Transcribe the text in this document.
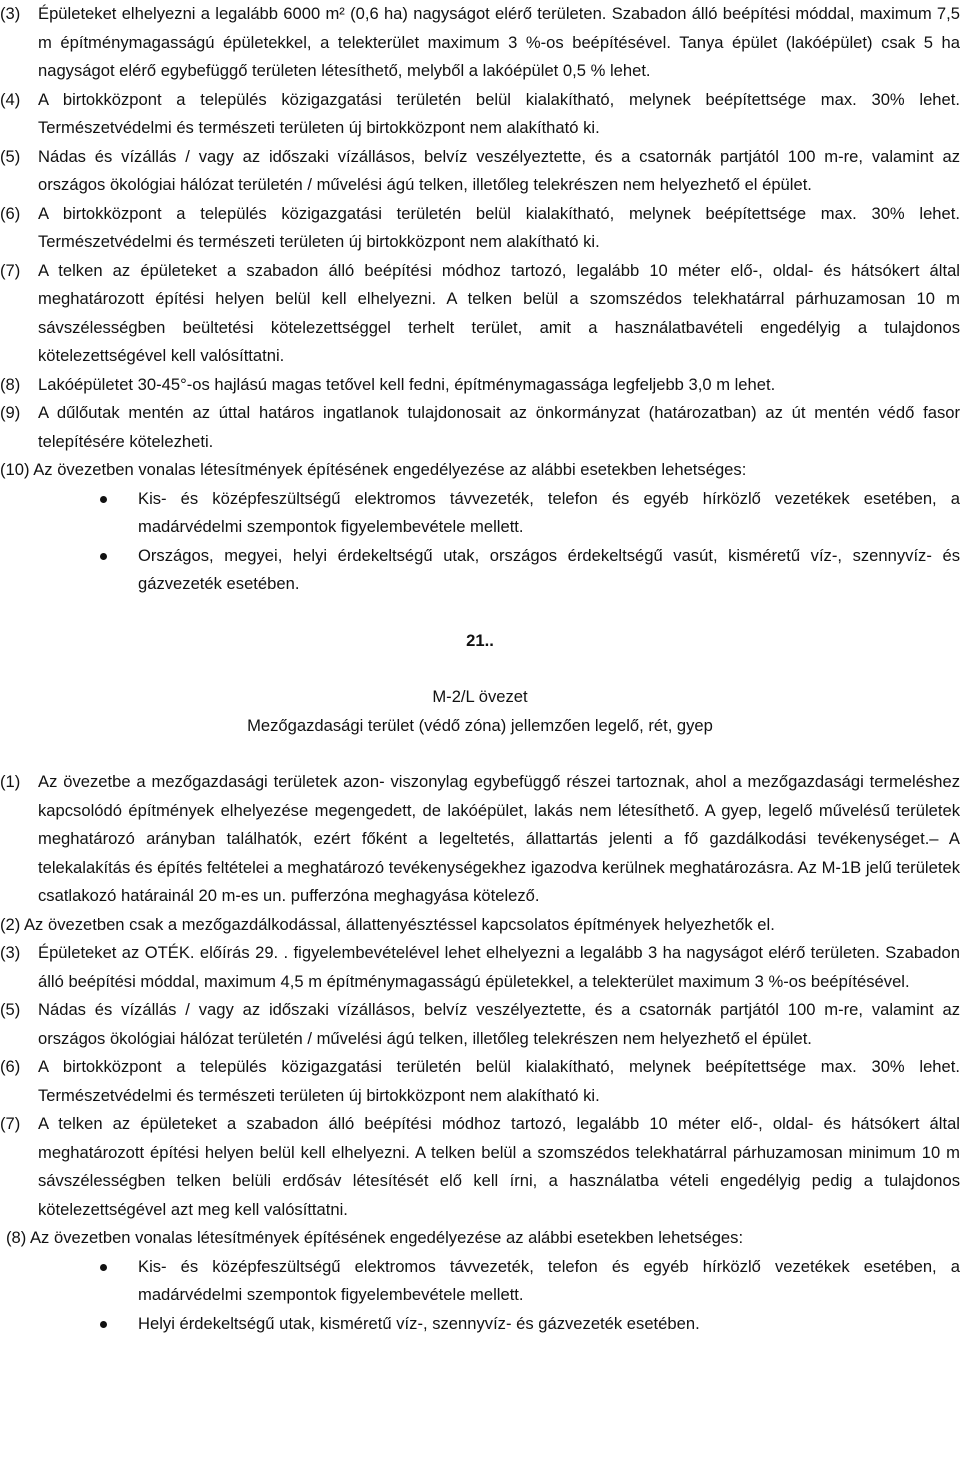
(3) Épületeket elhelyezni a legalább 6000 m² (0,6 ha) nagyságot elérő területen. Szabadon álló beépítési móddal, maximum 7,5 m építménymagasságú épületekkel, a telekterület maximum 3 %-os beépítésével. Tanya épület (lakóépület) csak 5 ha nagyságot elérő egybefüggő területen létesíthető, melyből a lakóépület 0,5 % lehet.

(4) A birtokközpont a település közigazgatási területén belül kialakítható, melynek beépítettsége max. 30% lehet. Természetvédelmi és természeti területen új birtokközpont nem alakítható ki.

(5) Nádas és vízállás / vagy az időszaki vízállásos, belvíz veszélyeztette, és a csatornák partjától 100 m-re, valamint az országos ökológiai hálózat területén / művelési ágú telken, illetőleg telekrészen nem helyezhető el épület.

(6) A birtokközpont a település közigazgatási területén belül kialakítható, melynek beépítettsége max. 30% lehet. Természetvédelmi és természeti területen új birtokközpont nem alakítható ki.

(7) A telken az épületeket a szabadon álló beépítési módhoz tartozó, legalább 10 méter elő-, oldal- és hátsókert által meghatározott építési helyen belül kell elhelyezni. A telken belül a szomszédos telekhatárral párhuzamosan 10 m sávszélességben beültetési kötelezettséggel terhelt terület, amit a használatbavételi engedélyig a tulajdonos kötelezettségével kell valósíttatni.

(8) Lakóépületet 30-45°-os hajlású magas tetővel kell fedni, építménymagassága legfeljebb 3,0 m lehet.

(9) A dűlőutak mentén az úttal határos ingatlanok tulajdonosait az önkormányzat (határozatban) az út mentén védő fasor telepítésére kötelezheti.

(10) Az övezetben vonalas létesítmények építésének engedélyezése az alábbi esetekben lehetséges:

Kis- és középfeszültségű elektromos távvezeték, telefon és egyéb hírközlő vezetékek esetében, a madárvédelmi szempontok figyelembevétele mellett.
Országos, megyei, helyi érdekeltségű utak, országos érdekeltségű vasút, kisméretű víz-, szennyvíz- és gázvezeték esetében.
21..
M-2/L övezet
Mezőgazdasági terület (védő zóna) jellemzően legelő, rét, gyep

(1) Az övezetbe a mezőgazdasági területek azon- viszonylag egybefüggő részei tartoznak, ahol a mezőgazdasági termeléshez kapcsolódó építmények elhelyezése megengedett, de lakóépület, lakás nem létesíthető. A gyep, legelő művelésű területek meghatározó arányban találhatók, ezért főként a legeltetés, állattartás jelenti a fő gazdálkodási tevékenységet.– A telekalakítás és építés feltételei a meghatározó tevékenységekhez igazodva kerülnek meghatározásra. Az M-1B jelű területek csatlakozó határainál 20 m-es un. pufferzóna meghagyása kötelező.

(2) Az övezetben csak a mezőgazdálkodással, állattenyésztéssel kapcsolatos építmények helyezhetők el.

(3) Épületeket az OTÉK. előírás 29. . figyelembevételével lehet elhelyezni a legalább 3 ha nagyságot elérő területen. Szabadon álló beépítési móddal, maximum 4,5 m építménymagasságú épületekkel, a telekterület maximum 3 %-os beépítésével.

(5) Nádas és vízállás / vagy az időszaki vízállásos, belvíz veszélyeztette, és a csatornák partjától 100 m-re, valamint az országos ökológiai hálózat területén / művelési ágú telken, illetőleg telekrészen nem helyezhető el épület.

(6) A birtokközpont a település közigazgatási területén belül kialakítható, melynek beépítettsége max. 30% lehet. Természetvédelmi és természeti területen új birtokközpont nem alakítható ki.

(7) A telken az épületeket a szabadon álló beépítési módhoz tartozó, legalább 10 méter elő-, oldal- és hátsókert által meghatározott építési helyen belül kell elhelyezni. A telken belül a szomszédos telekhatárral párhuzamosan minimum 10 m sávszélességben telken belüli erdősáv létesítését elő kell írni, a használatba vételi engedélyig pedig a tulajdonos kötelezettségével azt meg kell valósíttatni.

(8) Az övezetben vonalas létesítmények építésének engedélyezése az alábbi esetekben lehetséges:

Kis- és középfeszültségű elektromos távvezeték, telefon és egyéb hírközlő vezetékek esetében, a madárvédelmi szempontok figyelembevétele mellett.
Helyi érdekeltségű utak, kisméretű víz-, szennyvíz- és gázvezeték esetében.
